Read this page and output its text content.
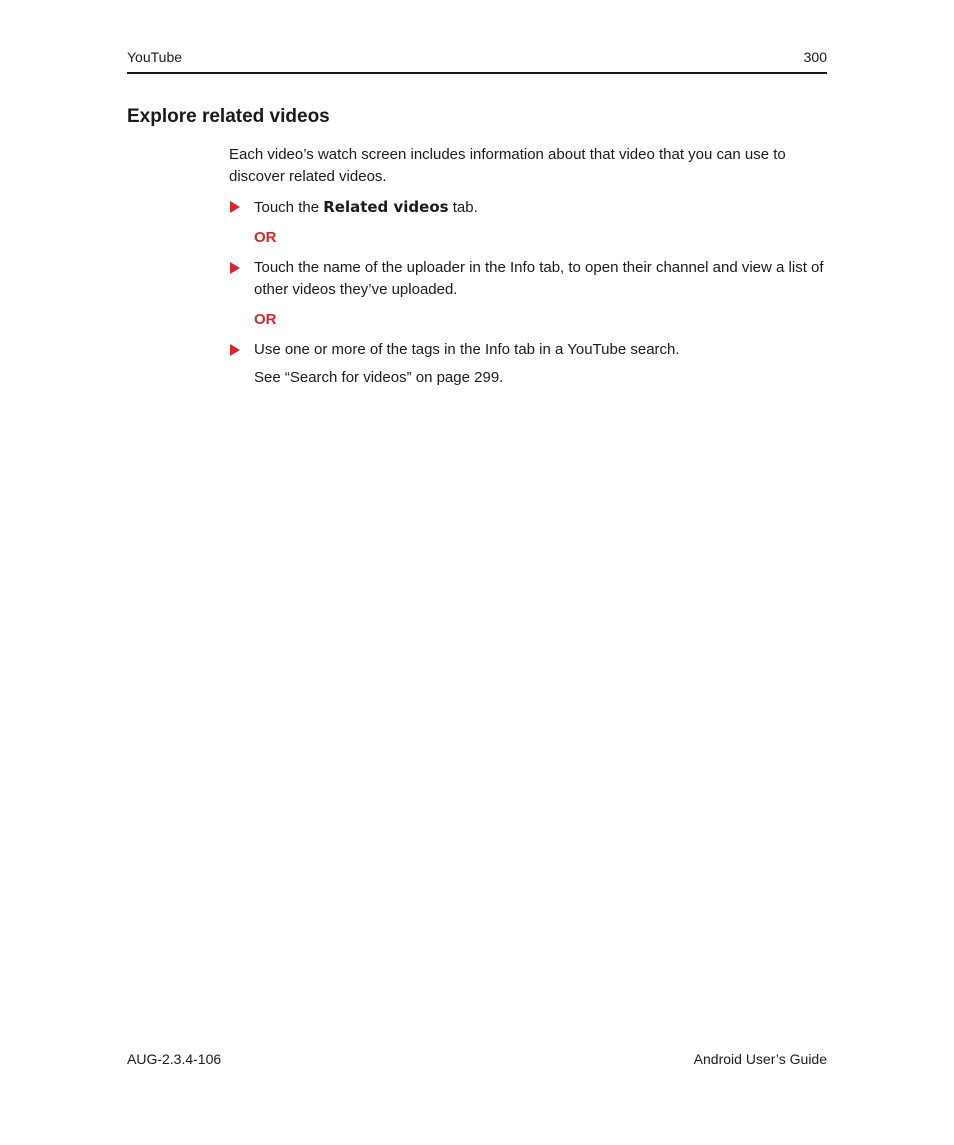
YouTube	300
Explore related videos

Each video’s watch screen includes information about that video that you can use to discover related videos.

Touch the Related videos tab.

OR

Touch the name of the uploader in the Info tab, to open their channel and view a list of other videos they’ve uploaded.

OR

Use one or more of the tags in the Info tab in a YouTube search.

See “Search for videos” on page 299.

AUG-2.3.4-106	Android User’s Guide
